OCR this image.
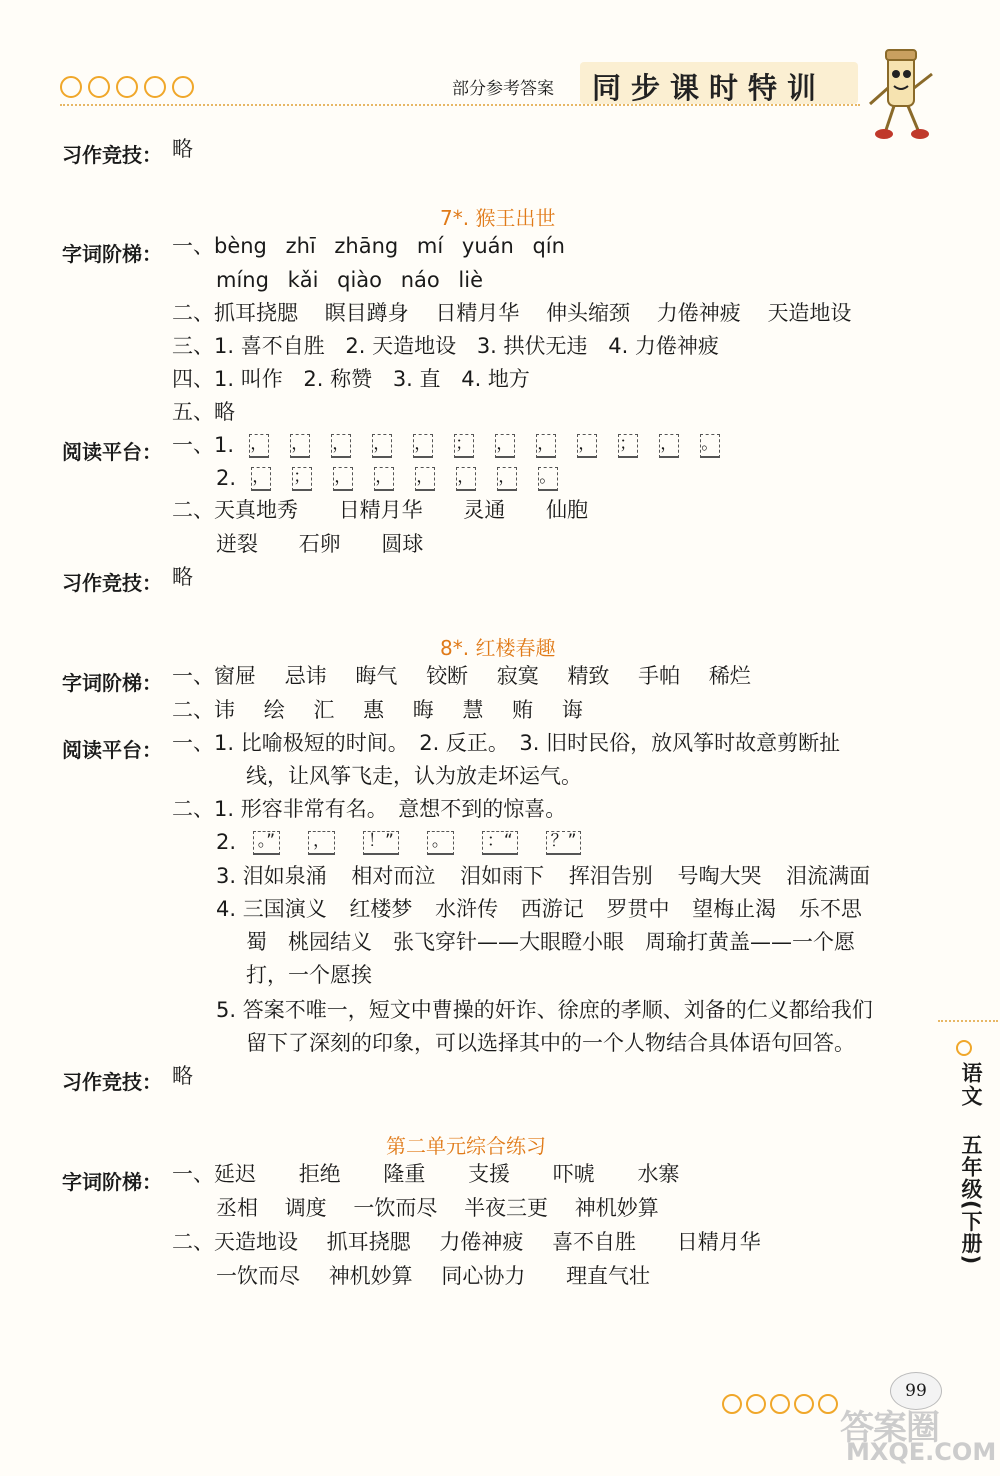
部分参考答案 同步课时特训
习作竞技： 略
7*. 猴王出世
字词阶梯： 一、bèng zhī zhāng mí yuán qín
míng kǎi qiào náo liè
二、抓耳挠腮 瞑目蹲身 日精月华 伸头缩颈 力倦神疲 天造地设
三、1. 喜不自胜 2. 天造地设 3. 拱伏无违 4. 力倦神疲
四、1. 叫作 2. 称赞 3. 直 4. 地方
五、略
阅读平台： 一、1. ， ， ， ， ， ； ， ， ， ； ， 。
2. ， ； ， ， ， ， ， 。
二、天真地秀 日精月华 灵通 仙胞
迸裂 石卵 圆球
习作竞技： 略
8*. 红楼春趣
字词阶梯： 一、窗屉 忌讳 晦气 铰断 寂寞 精致 手帕 稀烂
二、讳 绘 汇 惠 晦 慧 贿 诲
阅读平台： 一、1. 比喻极短的时间。　2. 反正。　3. 旧时民俗，放风筝时故意剪断扯
线，让风筝飞走，认为放走坏运气。
二、1. 形容非常有名。　意想不到的惊喜。
2. 。” ， ！” 。 ：“ ？”
3. 泪如泉涌 相对而泣 泪如雨下 挥泪告别 号啕大哭 泪流满面
4. 三国演义 红楼梦 水浒传 西游记 罗贯中 望梅止渴 乐不思
蜀　桃园结义　张飞穿针——大眼瞪小眼　周瑜打黄盖——一个愿
打，一个愿挨
5. 答案不唯一，短文中曹操的奸诈、徐庶的孝顺、刘备的仁义都给我们
留下了深刻的印象，可以选择其中的一个人物结合具体语句回答。
习作竞技： 略
第二单元综合练习
字词阶梯： 一、延迟 拒绝 隆重 支援 吓唬 水寨
丞相 调度 一饮而尽 半夜三更 神机妙算
二、天造地设 抓耳挠腮 力倦神疲 喜不自胜 日精月华
一饮而尽 神机妙算 同心协力 理直气壮
语文
五年级(下册)
99
答案圈
MXQE.COM
